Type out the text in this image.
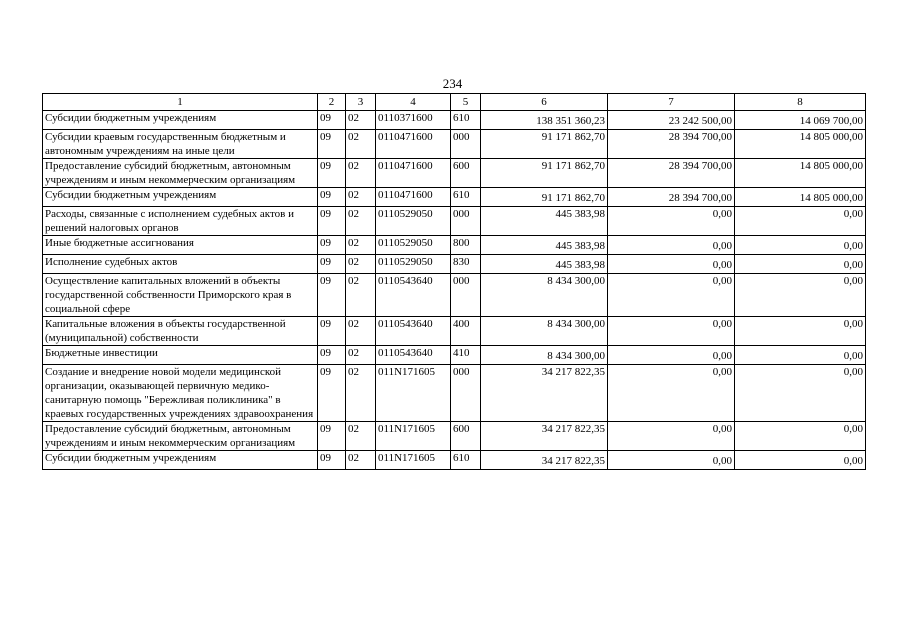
234
1	2	3	4	5	6	7	8
Субсидии бюджетным учреждениям	09	02	0110371600	610	138 351 360,23	23 242 500,00	14 069 700,00
Субсидии краевым государственным бюджетным и автономным учреждениям на иные цели	09	02	0110471600	000	91 171 862,70	28 394 700,00	14 805 000,00
Предоставление субсидий бюджетным, автономным учреждениям и иным некоммерческим организациям	09	02	0110471600	600	91 171 862,70	28 394 700,00	14 805 000,00
Субсидии бюджетным учреждениям	09	02	0110471600	610	91 171 862,70	28 394 700,00	14 805 000,00
Расходы, связанные с исполнением судебных актов и решений налоговых органов	09	02	0110529050	000	445 383,98	0,00	0,00
Иные бюджетные ассигнования	09	02	0110529050	800	445 383,98	0,00	0,00
Исполнение судебных актов	09	02	0110529050	830	445 383,98	0,00	0,00
Осуществление капитальных вложений в объекты государственной собственности Приморского края в социальной сфере	09	02	0110543640	000	8 434 300,00	0,00	0,00
Капитальные вложения в объекты государственной (муниципальной) собственности	09	02	0110543640	400	8 434 300,00	0,00	0,00
Бюджетные инвестиции	09	02	0110543640	410	8 434 300,00	0,00	0,00
Создание и внедрение новой модели медицинской организации, оказывающей первичную медико-санитарную помощь "Бережливая поликлиника" в краевых государственных учреждениях здравоохранения	09	02	011N171605	000	34 217 822,35	0,00	0,00
Предоставление субсидий бюджетным, автономным учреждениям и иным некоммерческим организациям	09	02	011N171605	600	34 217 822,35	0,00	0,00
Субсидии бюджетным учреждениям	09	02	011N171605	610	34 217 822,35	0,00	0,00
